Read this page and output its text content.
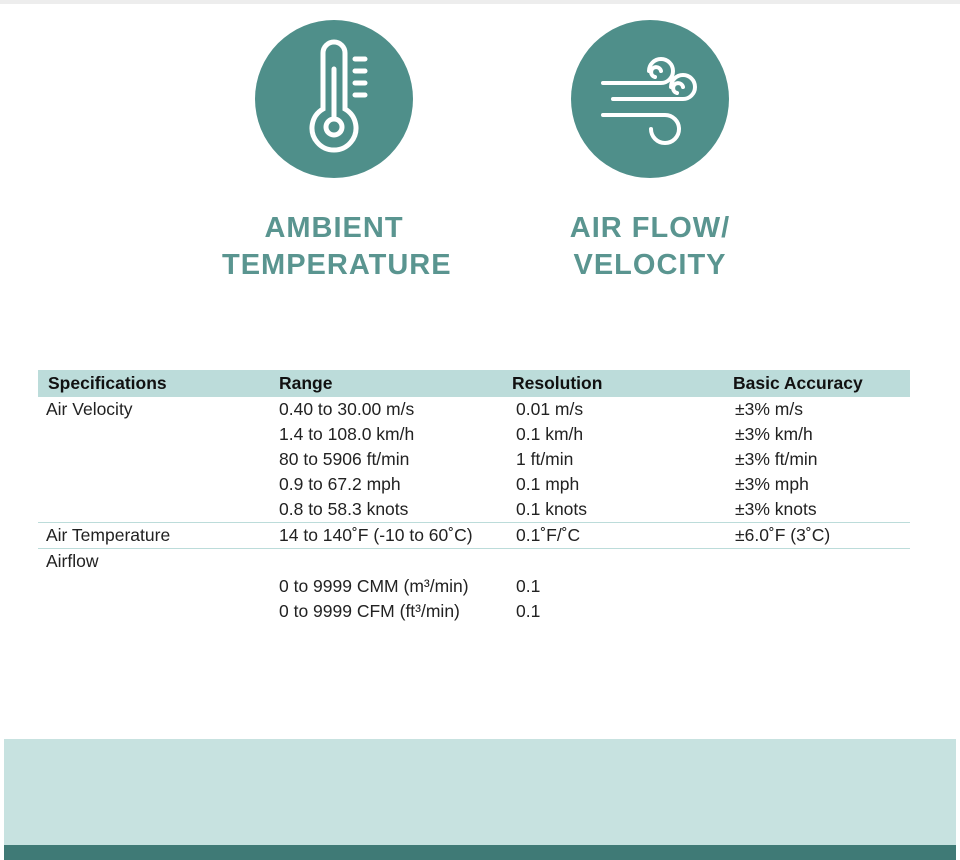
AMBIENT
TEMPERATURE
AIR FLOW/
VELOCITY
Specifications	Range	Resolution	Basic Accuracy
Air Velocity	0.40 to 30.00 m/s	0.01 m/s	±3% m/s
	1.4 to 108.0 km/h	0.1 km/h	±3% km/h
	80 to 5906 ft/min	1 ft/min	±3% ft/min
	0.9 to 67.2 mph	0.1 mph	±3% mph
	0.8 to 58.3 knots	0.1 knots	±3% knots
Air Temperature	14 to 140˚F (-10 to 60˚C)	0.1˚F/˚C	±6.0˚F (3˚C)
Airflow			
	0 to 9999 CMM (m³/min)	0.1	
	0 to 9999 CFM (ft³/min)	0.1	
